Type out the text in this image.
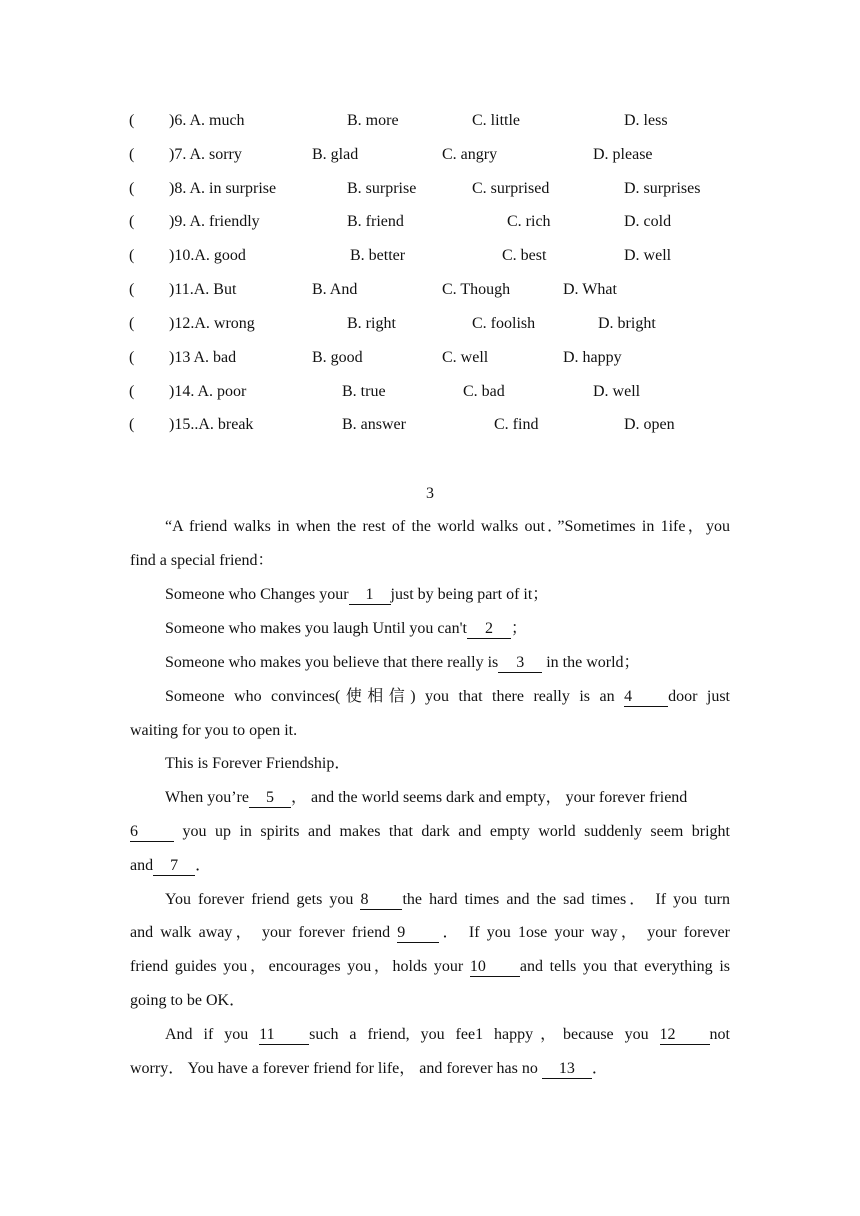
( )6. A. much	B. more	C. little	D. less
( )7. A. sorry	B. glad	C. angry	D. please
( )8. A. in surprise	B. surprise	C. surprised	D. surprises
( )9. A. friendly	B. friend	C. rich	D. cold
( )10.A. good	B. better	C. best	D. well
( )11.A. But	B. And	C. Though	D. What
( )12.A. wrong	B. right	C. foolish	D. bright
( )13 A. bad	B. good	C. well	D. happy
( )14. A. poor	B. true	C. bad	D. well
( )15..A. break	B. answer	C. find	D. open
3
“A friend walks in when the rest of the world walks out．”Sometimes in 1ife，you
find a special friend：
Someone who Changes your 1 just by being part of it；
Someone who makes you laugh Until you can't 2 ；
Someone who makes you believe that there really is 3 in the world；
Someone who convinces(使相信) you that there really is an 4 door just
waiting for you to open it.
This is Forever Friendship．
When you’re 5 ， and the world seems dark and empty， your forever friend
6 you up in spirits and makes that dark and empty world suddenly seem bright
and 7 ．
You forever friend gets you 8 the hard times and the sad times． If you turn
and walk away， your forever friend 9 ． If you 1ose your way， your forever
friend guides you，encourages you，holds your 10 and tells you that everything is
going to be OK．
And if you 11 such a friend, you fee1 happy，because you 12 not
worry． You have a forever friend for life， and forever has no 13 ．
